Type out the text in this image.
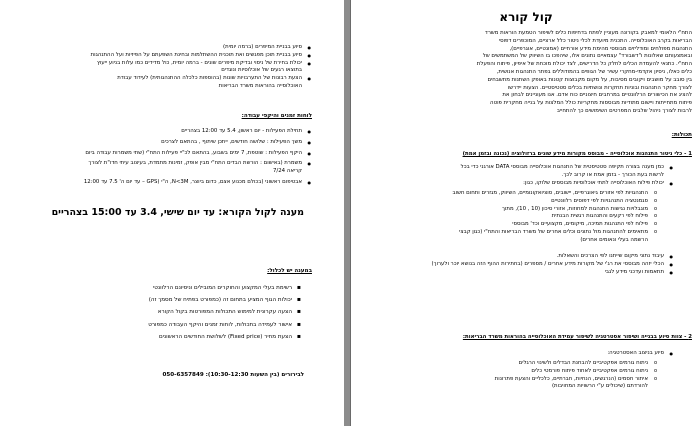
● סיוע בבניית המיפרים (ברמה יומית)
● סיוע בבניית תוכן מפגשים ואת תוכנית ההשתלמות ובחינת השפעתם על הפיזיות ועל ההתנהגות
● יכולת בחירת של ניסוי ובדיקת מיפרים שונים - ברמה יומית, כול מדידים כמו עלות בניוע ייעוץ
בתוצאו רגעים של אוכלוסיות ונוגדים
● הצעת רבונות של התערבויות שונות (בהוספות כלכלה ההתנהגותית) לעידוד עבודת
האוכלוסייה בהוראות משרד הבריאות
לוחות זמנים והיקפי עבודה:
● תחילת הפעילות - יום ראשון, 5.4 עד 12:00 בצהריים
● משך הפעילות : שלושה חודשים, ייתכן שיתוף , בהתאם לצרכים
● היקף הפעילות : שוטפת, 7 ימים בשבוע, בהתאם לכ"יי פעילות התח"י (שתי משמרות עבודה ביום
● משמרת (באישום : הורשת הבדים התח"י מבין אופק, זמינות מתמדת, בעיצוב עיתי חדו"ת לצורך
קריאה 7/24
● אבטיפום ראשוני (בכולם מכנוע אצם, כדום ביוצר, N<3M, ה"י (GPS – עד יום ה' 7.5 עד 12:00
מענה לקול הקורא: עד יום שישי, 3.4 עד 15:00 בצהריים
במענה יש לכלול:
▪ רשימת בעלי המקצוע והחוקרים המובילים וניסיונם הרלוונטי
▪ יכולות הגוף המציע בתחום זה (כמפורט בפתיח של מסמך זה)
▪ הצעה עקרונית למימוש התכולות המפורטות בקול הקורא
▪ אישור לעמידה בתכולות, לוחות זמנים והיקף העבודה כמפורט
▪ הצעת מחיר (Fixed price) לשלושת החודשים הראשונים
לבירורים (בין השעות 10:30-12:30): 050-6357849
קול קורא

התח"י הלאומי למאבק בקורונה מעוניין לפתח בדחיפות כלים לשיפור הטמעת הוראות משרד

הבריאות בקרב האוכלוסייה. התכנית מיועדת לכלי ניטור כלל ארציים, המוכפרים דפוסי

התנהגות מפולחים ומודליזים מבוססי מהימת מידע אורחיים (אמונטיים, אוגרפיים),

ובאמצעותם שאלונות ו"דשבורד" עצמאיים נתונים אלו, שיהפכו בו השיווק של המשתמשים של

התח"י. כתנאי להעמדת הכלים לחלק כל הדרישים, לצד יכולת מוכחת של איפיון, פיתוח והפעלת

כלים כאלו, ניסיון אקדמי-מחקרי עשיר של הגופים בהמודוללים בפתר התנהגות אנושית,

בין סובב על מושבים ויקובים מסיבות, על מקום מקבוצות קטנות באופק השתנות מתשבחים

לצורך מחקר התנהגות ובוניות תחקרות ונושתיות בכלים סטטיסטיים. הצעות יידרשו

להציג את הכישורים הרלוונטיים במרחבים חיצוניים כוח אדם. אנו מעוניינים לבחון את

פיתוח מתחייתות ויישום מתודיות מבוססות מחקריות כולל המלצות על בנייה מחקרית פוטה

לרבות לצורך ניהול שלבים המפרטים השימושים כך להתחייב

תכולות:
1 - כלי ניטור התנהגות אוכלוסייה - מבוסס מקורות מידע שונים ברזולוציה (נכונה ובזמן אמת)
● כמן מענה בצורה תקיפה סטטיסטית של התנהגות אוכלוסייה מבוססי DATA אורגני כדי בכל
לרשות בעת הכורך - בזמן אמת או קרוב לכך.
● יכולת פילוח האוכלוסייה לתתי אוכלוסיות מבוססים שלוקו, כגון:
o התנהגויות לפי אזורים גיאוגרפיים, יישובים, סוציואקונומיים, השיווק, מגזרים ותחום חשוב
o סגמנטציה התנהגויות לפי דפוסים רלוונטיים
o מוגבלויות נגישות התנהגות למחוזות, אזורי סיכון (10 , 10), מתוך
o פילוח לפי רקעים והתנהגות רגשית הבנתית
o פילוח לפי התנהגות תמיכה, מיקומים, מקצועיים וכד' מבוססי
o מתאימים להתנהגות מול נתונים וכלים אחרים של משרד הבריאות והתח"י (כגון קבצי
הרשמה בעלי ונאומים אחרים)
● עיבוד נתוני מיקום שייתנו לפי הצרכים והשאלות.
● הכלי יזהה מבוססי את רג'י של מקורות מידע אחרים / מספרים (בחתירות ההוף הזה בנושא יוכר ולערוך)
● תתאמות ועדכני מידע לגבי
2 - צוות סיוע בבנייה ושיפור אסטרטגיה לשיפור עמידת האוכלוסייה בהוראות משרד הבריאות:
● סיוע בניצוב האסטרטגיה:
o ניתוח גורמים אפקטיביים להבחנת הבדלים ולשינוי הרגלים
o ניתוח גורמים אפקטיביים לאחוד פיתוח פורמטי כלים
o איתור חסמים (הנרגשים, הנחיות, חברתיים, כלכליים והצעת פתרונות
להורדתם (שיכולים ע"י הרשויות המחויבות)
